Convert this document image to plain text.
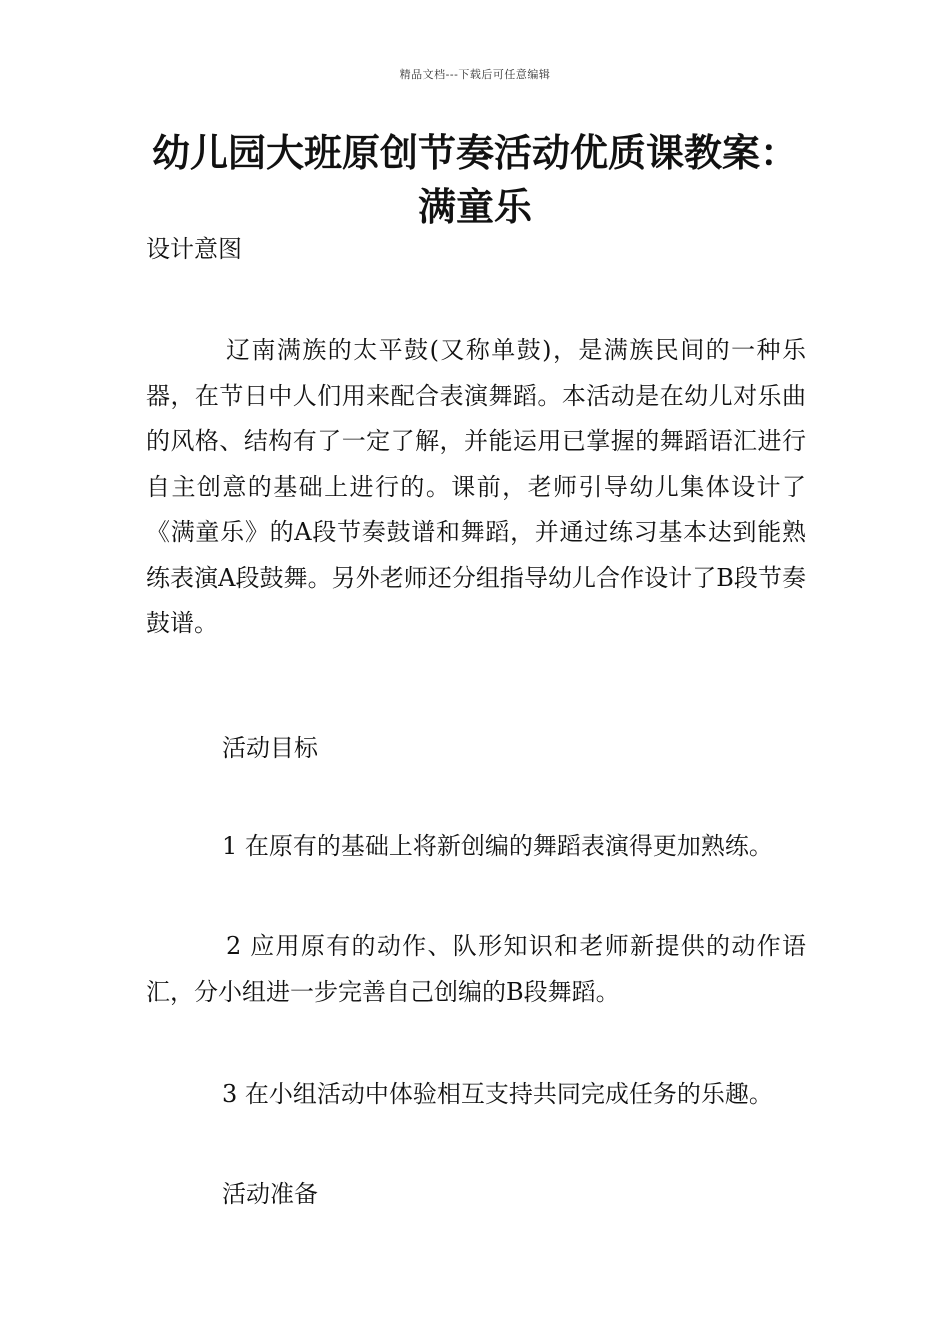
精品文档---下载后可任意编辑
幼儿园大班原创节奏活动优质课教案：
满童乐
设计意图

辽南满族的太平鼓(又称单鼓)，是满族民间的一种乐器，在节日中人们用来配合表演舞蹈。本活动是在幼儿对乐曲的风格、结构有了一定了解，并能运用已掌握的舞蹈语汇进行自主创意的基础上进行的。课前，老师引导幼儿集体设计了《满童乐》的A段节奏鼓谱和舞蹈，并通过练习基本达到能熟练表演A段鼓舞。另外老师还分组指导幼儿合作设计了B段节奏鼓谱。

活动目标

1 在原有的基础上将新创编的舞蹈表演得更加熟练。

2 应用原有的动作、队形知识和老师新提供的动作语汇，分小组进一步完善自己创编的B段舞蹈。

3 在小组活动中体验相互支持共同完成任务的乐趣。

活动准备
